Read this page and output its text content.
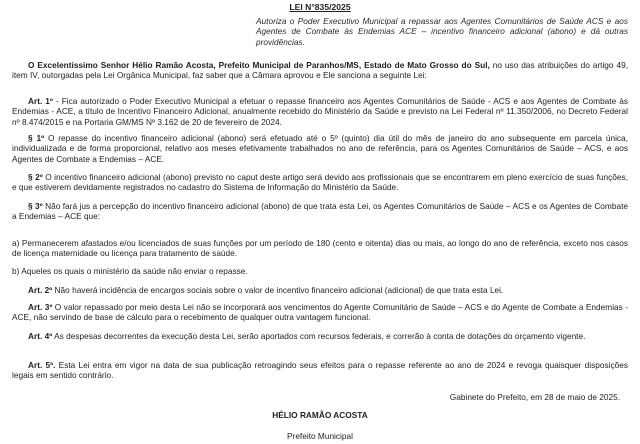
LEI N°835/2025
Autoriza o Poder Executivo Municipal a repassar aos Agentes Comunitários de Saúde ACS e aos Agentes de Combate às Endemias ACE – incentivo financeiro adicional (abono) e dá outras providências.

O Excelentíssimo Senhor Hélio Ramão Acosta, Prefeito Municipal de Paranhos/MS, Estado de Mato Grosso do Sul, no uso das atribuições do artigo 49, item IV, outorgadas pela Lei Orgânica Municipal, faz saber que a Câmara aprovou e Ele sanciona a seguinte Lei:

Art. 1º - Fica autorizado o Poder Executivo Municipal a efetuar o repasse financeiro aos Agentes Comunitários de Saúde - ACS e aos Agentes de Combate às Endemias - ACE, a título de Incentivo Financeiro Adicional, anualmente recebido do Ministério da Saúde e previsto na Lei Federal nº 11.350/2006, no Decreto Federal nº 8.474/2015 e na Portaria GM/MS Nº 3.162 de 20 de fevereiro de 2024.

§ 1º O repasse do incentivo financeiro adicional (abono) será efetuado até o 5º (quinto) dia útil do mês de janeiro do ano subsequente em parcela única, individualizada e de forma proporcional, relativo aos meses efetivamente trabalhados no ano de referência, para os Agentes Comunitários de Saúde – ACS, e aos Agentes de Combate a Endemias – ACE.

§ 2º O incentivo financeiro adicional (abono) previsto no caput deste artigo será devido aos profissionais que se encontrarem em pleno exercício de suas funções, e que estiverem devidamente registrados no cadastro do Sistema de Informação do Ministério da Saúde.

§ 3º Não fará jus a percepção do incentivo financeiro adicional (abono) de que trata esta Lei, os Agentes Comunitários de Saúde – ACS e os Agentes de Combate a Endemias – ACE que:

a) Permanecerem afastados e/ou licenciados de suas funções por um período de 180 (cento e oitenta) dias ou mais, ao longo do ano de referência, exceto nos casos de licença maternidade ou licença para tratamento de saúde.

b) Aqueles os quais o ministério da saúde não enviar o repasse.

Art. 2º Não haverá incidência de encargos sociais sobre o valor de incentivo financeiro adicional (adicional) de que trata esta Lei.

Art. 3º O valor repassado por meio desta Lei não se incorporará aos vencimentos do Agente Comunitário de Saúde – ACS e do Agente de Combate a Endemias - ACE, não servindo de base de cálculo para o recebimento de qualquer outra vantagem funcional.

Art. 4º As despesas decorrentes da execução desta Lei, serão aportados com recursos federais, e correrão à conta de dotações do orçamento vigente.

Art. 5º. Esta Lei entra em vigor na data de sua publicação retroagindo seus efeitos para o repasse referente ao ano de 2024 e revoga quaisquer disposições legais em sentido contrário.

Gabinete do Prefeito, em 28 de maio de 2025.
HÉLIO RAMÃO ACOSTA
Prefeito Municipal
